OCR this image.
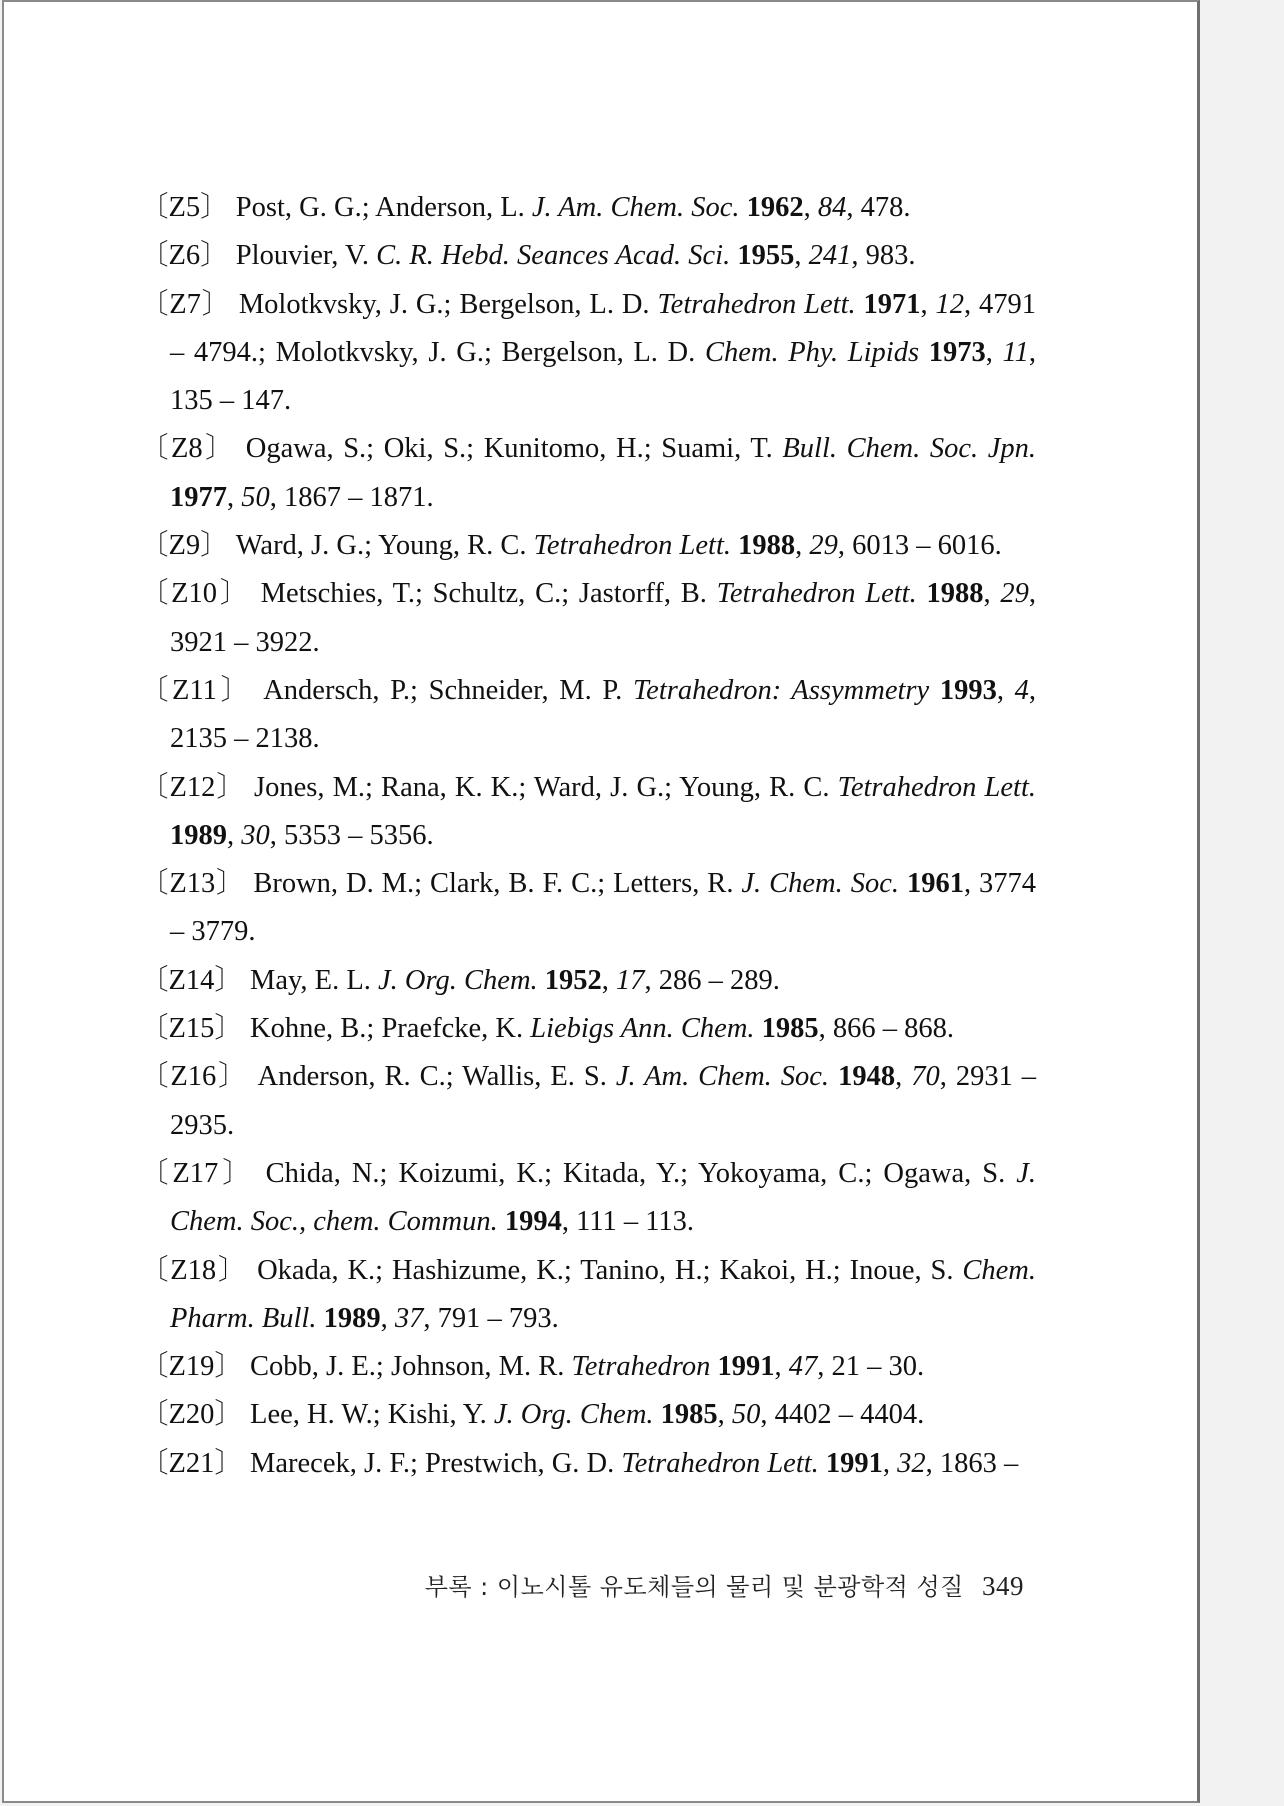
〔Z5〕 Post, G. G.; Anderson, L. J. Am. Chem. Soc. 1962, 84, 478.
〔Z6〕 Plouvier, V. C. R. Hebd. Seances Acad. Sci. 1955, 241, 983.
〔Z7〕 Molotkvsky, J. G.; Bergelson, L. D. Tetrahedron Lett. 1971, 12, 4791 – 4794.; Molotkvsky, J. G.; Bergelson, L. D. Chem. Phy. Lipids 1973, 11, 135 – 147.
〔Z8〕 Ogawa, S.; Oki, S.; Kunitomo, H.; Suami, T. Bull. Chem. Soc. Jpn. 1977, 50, 1867 – 1871.
〔Z9〕 Ward, J. G.; Young, R. C. Tetrahedron Lett. 1988, 29, 6013 – 6016.
〔Z10〕 Metschies, T.; Schultz, C.; Jastorff, B. Tetrahedron Lett. 1988, 29, 3921 – 3922.
〔Z11〕 Andersch, P.; Schneider, M. P. Tetrahedron: Assymmetry 1993, 4, 2135 – 2138.
〔Z12〕 Jones, M.; Rana, K. K.; Ward, J. G.; Young, R. C. Tetrahedron Lett. 1989, 30, 5353 – 5356.
〔Z13〕 Brown, D. M.; Clark, B. F. C.; Letters, R. J. Chem. Soc. 1961, 3774 – 3779.
〔Z14〕 May, E. L. J. Org. Chem. 1952, 17, 286 – 289.
〔Z15〕 Kohne, B.; Praefcke, K. Liebigs Ann. Chem. 1985, 866 – 868.
〔Z16〕 Anderson, R. C.; Wallis, E. S. J. Am. Chem. Soc. 1948, 70, 2931 – 2935.
〔Z17〕 Chida, N.; Koizumi, K.; Kitada, Y.; Yokoyama, C.; Ogawa, S. J. Chem. Soc., chem. Commun. 1994, 111 – 113.
〔Z18〕 Okada, K.; Hashizume, K.; Tanino, H.; Kakoi, H.; Inoue, S. Chem. Pharm. Bull. 1989, 37, 791 – 793.
〔Z19〕 Cobb, J. E.; Johnson, M. R. Tetrahedron 1991, 47, 21 – 30.
〔Z20〕 Lee, H. W.; Kishi, Y. J. Org. Chem. 1985, 50, 4402 – 4404.
〔Z21〕 Marecek, J. F.; Prestwich, G. D. Tetrahedron Lett. 1991, 32, 1863 –
부록 : 이노시톨 유도체들의 물리 및 분광학적 성질 349
